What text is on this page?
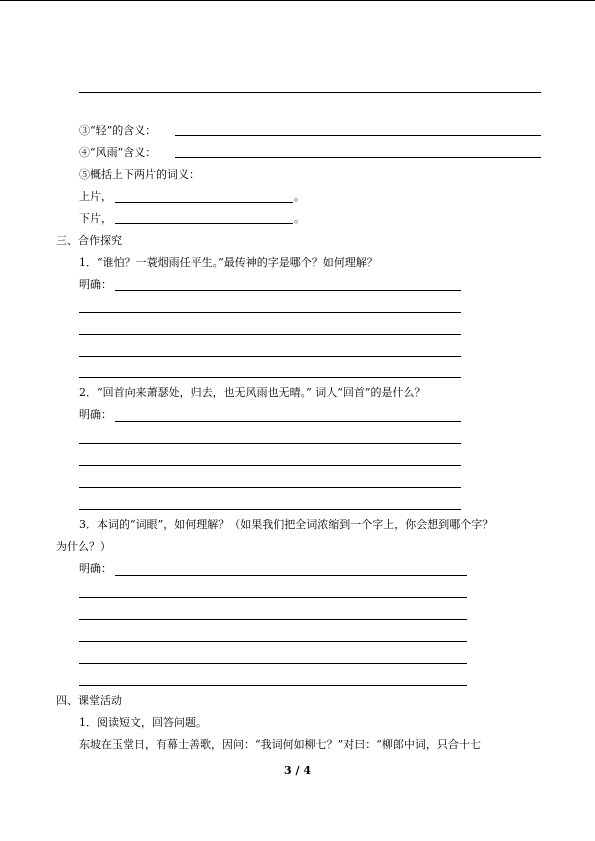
③“轻”的含义：
④“风雨”含义：
⑤概括上下两片的词义：
上片，	。
下片，	。
三、合作探究
1．“谁怕？一蓑烟雨任平生。”最传神的字是哪个？如何理解？
明确：
2．“回首向来萧瑟处，归去，也无风雨也无晴。” 词人“回首”的是什么？
明确：
3．本词的“词眼”，如何理解？（如果我们把全词浓缩到一个字上，你会想到哪个字？
为什么？）
明确：
四、课堂活动
1．阅读短文，回答问题。
东坡在玉堂日，有幕士善歌，因问：“我词何如柳七？”对曰：“柳郎中词，只合十七
3 / 4
